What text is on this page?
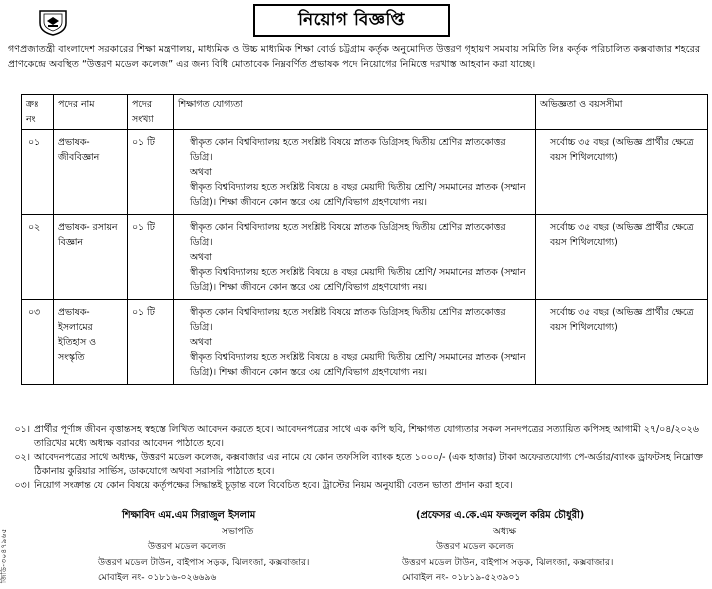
নিয়োগ বিজ্ঞপ্তি

গণপ্রজাতন্ত্রী বাংলাদেশ সরকারের শিক্ষা মন্ত্রণালয়, মাধ্যমিক ও উচ্চ মাধ্যমিক শিক্ষা বোর্ড চট্টগ্রাম কর্তৃক অনুমোদিত উত্তরণ গৃহায়ণ সমবায় সমিতি লিঃ কর্তৃক পরিচালিত কক্সবাজার শহরের প্রাণকেন্দ্রে অবস্থিত “উত্তরণ মডেল কলেজ” এর জন্য বিধি মোতাবেক নিম্নবর্ণিত প্রভাষক পদে নিয়োগের নিমিত্তে দরখাস্ত আহবান করা যাচ্ছে।

ক্রঃ নং	পদের নাম	পদের সংখ্যা	শিক্ষাগত যোগ্যতা	অভিজ্ঞতা ও বয়সসীমা
০১	প্রভাষক- জীববিজ্ঞান	০১ টি	স্বীকৃত কোন বিশ্ববিদ্যালয় হতে সংশ্লিষ্ট বিষয়ে স্নাতক ডিগ্রিসহ দ্বিতীয় শ্রেণির স্নাতকোত্তর ডিগ্রি।
অথবা
স্বীকৃত বিশ্ববিদ্যালয় হতে সংশ্লিষ্ট বিষয়ে ৪ বছর মেয়াদী দ্বিতীয় শ্রেণি/ সমমানের স্নাতক (সম্মান ডিগ্রি)। শিক্ষা জীবনে কোন স্তরে ৩য় শ্রেণি/বিভাগ গ্রহণযোগ্য নয়।	সর্বোচ্চ ৩৫ বছর (অভিজ্ঞ প্রার্থীর ক্ষেত্রে বয়স শিথিলযোগ্য)
০২	প্রভাষক- রসায়ন বিজ্ঞান	০১ টি	স্বীকৃত কোন বিশ্ববিদ্যালয় হতে সংশ্লিষ্ট বিষয়ে স্নাতক ডিগ্রিসহ দ্বিতীয় শ্রেণির স্নাতকোত্তর ডিগ্রি।
অথবা
স্বীকৃত বিশ্ববিদ্যালয় হতে সংশ্লিষ্ট বিষয়ে ৪ বছর মেয়াদী দ্বিতীয় শ্রেণি/ সমমানের স্নাতক (সম্মান ডিগ্রি)। শিক্ষা জীবনে কোন স্তরে ৩য় শ্রেণি/বিভাগ গ্রহণযোগ্য নয়।	সর্বোচ্চ ৩৫ বছর (অভিজ্ঞ প্রার্থীর ক্ষেত্রে বয়স শিথিলযোগ্য)
০৩	প্রভাষক- ইসলামের ইতিহাস ও সংস্কৃতি	০১ টি	স্বীকৃত কোন বিশ্ববিদ্যালয় হতে সংশ্লিষ্ট বিষয়ে স্নাতক ডিগ্রিসহ দ্বিতীয় শ্রেণির স্নাতকোত্তর ডিগ্রি।
অথবা
স্বীকৃত বিশ্ববিদ্যালয় হতে সংশ্লিষ্ট বিষয়ে ৪ বছর মেয়াদী দ্বিতীয় শ্রেণি/ সমমানের স্নাতক (সম্মান ডিগ্রি)। শিক্ষা জীবনে কোন স্তরে ৩য় শ্রেণি/বিভাগ গ্রহণযোগ্য নয়।	সর্বোচ্চ ৩৫ বছর (অভিজ্ঞ প্রার্থীর ক্ষেত্রে বয়স শিথিলযোগ্য)
০১। প্রার্থীর পূর্ণাঙ্গ জীবন বৃত্তান্তসহ স্বহস্তে লিখিত আবেদন করতে হবে। আবেদনপত্রের সাথে এক কপি ছবি, শিক্ষাগত যোগ্যতার সকল সনদপত্রের সত্যায়িত কপিসহ আগামী ২৭/০৪/২০২৬ তারিখের মধ্যে অধ্যক্ষ বরাবর আবেদন পাঠাতে হবে।
০২। আবেদনপত্রের সাথে অধ্যক্ষ, উত্তরণ মডেল কলেজ, কক্সবাজার এর নামে যে কোন তফসিলি ব্যাংক হতে ১০০০/- (এক হাজার) টাকা অফেরতযোগ্য পে-অর্ডার/ব্যাংক ড্রাফটসহ নিম্নোক্ত ঠিকানায় কুরিয়ার সার্ভিস, ডাকযোগে অথবা সরাসরি পাঠাতে হবে।
০৩। নিয়োগ সংক্রান্ত যে কোন বিষয়ে কর্তৃপক্ষের সিদ্ধান্তই চূড়ান্ত বলে বিবেচিত হবে। ট্রাস্টের নিয়ম অনুযায়ী বেতন ভাতা প্রদান করা হবে।
শিক্ষাবিদ এম.এম সিরাজুল ইসলাম
সভাপতি
উত্তরণ মডেল কলেজ
উত্তরণ মডেল টাউন, বাইপাস সড়ক, ঝিলংজা, কক্সবাজার।
মোবাইল নং- ০১৮১৬-০২৬৬৯৬
(প্রফেসর এ.কে.এম ফজলুল করিম চৌধুরী)
অধ্যক্ষ
উত্তরণ মডেল কলেজ
উত্তরণ মডেল টাউন, বাইপাস সড়ক, ঝিলংজা, কক্সবাজার।
মোবাইল নং- ০১৮১৯-৫২৩৯০১
জিডি-৩০৪৭৯৬৫
